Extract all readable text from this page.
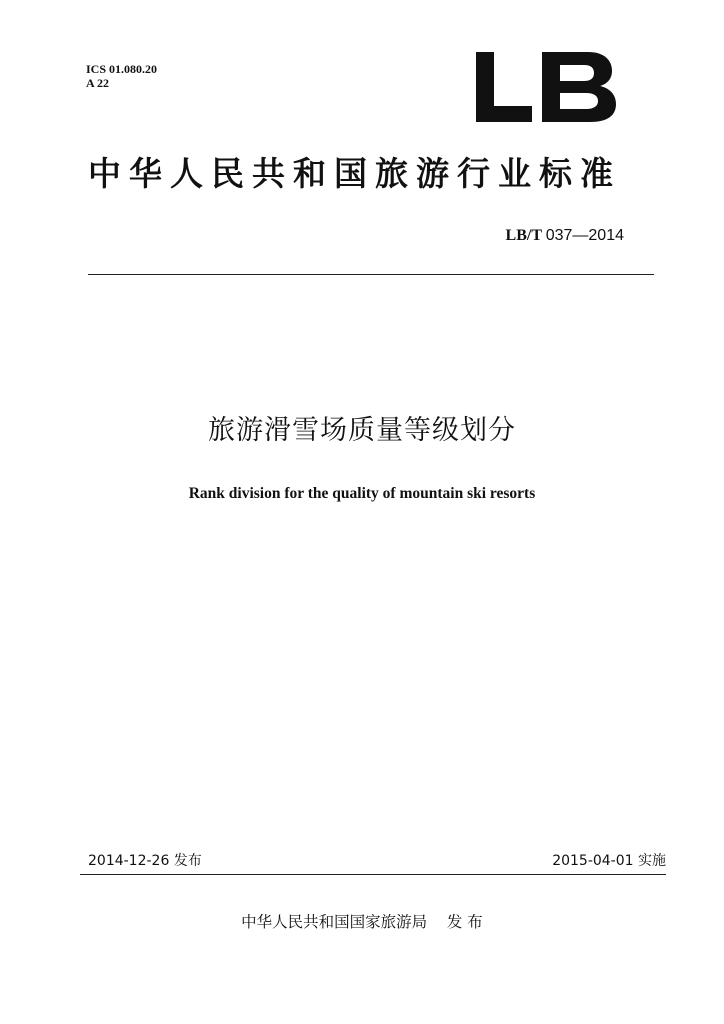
ICS 01.080.20
A 22
中华人民共和国旅游行业标准
LB/T 037—2014
旅游滑雪场质量等级划分
Rank division for the quality of mountain ski resorts
2014-12-26 发布	2015-04-01 实施
中华人民共和国国家旅游局    发 布
